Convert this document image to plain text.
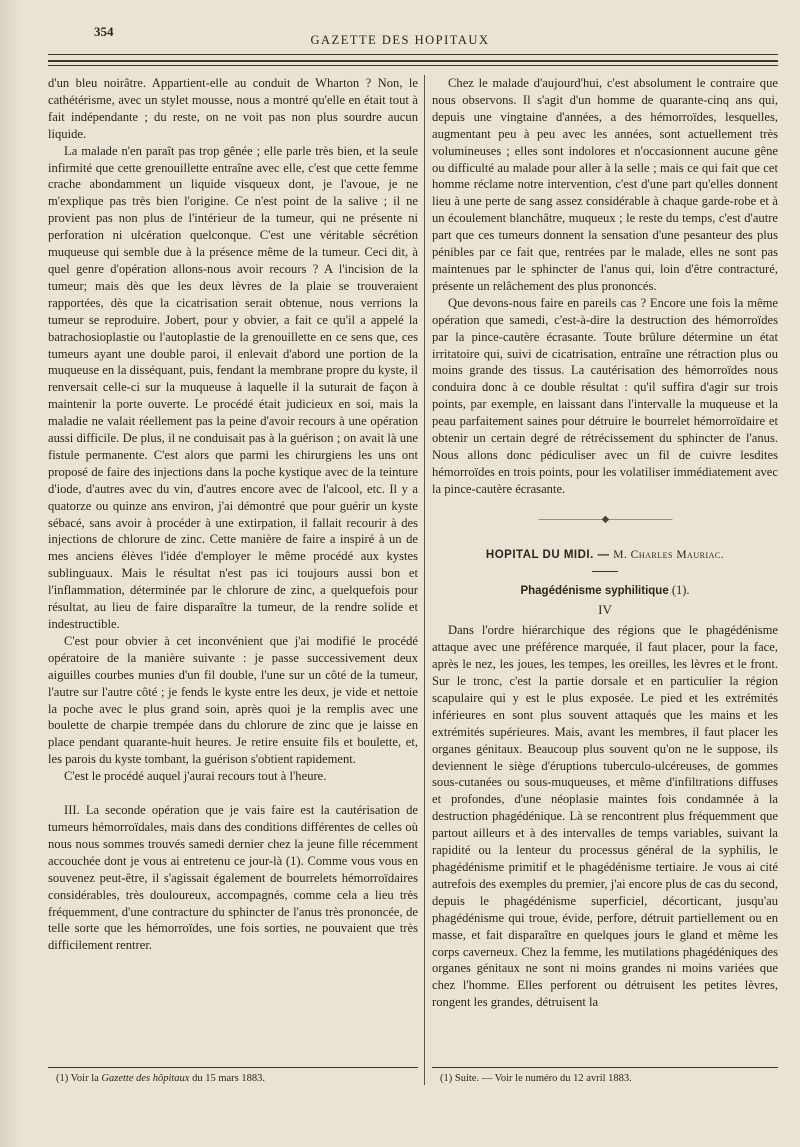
354
GAZETTE DES HOPITAUX

d'un bleu noirâtre. Appartient-elle au conduit de Wharton ? Non, le cathétérisme, avec un stylet mousse, nous a montré qu'elle en était tout à fait indépendante ; du reste, on ne voit pas non plus sourdre aucun liquide.

La malade n'en paraît pas trop gênée ; elle parle très bien, et la seule infirmité que cette grenouillette entraîne avec elle, c'est que cette femme crache abondamment un liquide visqueux dont, je l'avoue, je ne m'explique pas très bien l'origine. Ce n'est point de la salive ; il ne provient pas non plus de l'intérieur de la tumeur, qui ne présente ni perforation ni ulcération quelconque. C'est une véritable sécrétion muqueuse qui semble due à la présence même de la tumeur. Ceci dit, à quel genre d'opération allons-nous avoir recours ? A l'incision de la tumeur; mais dès que les deux lèvres de la plaie se trouveraient rapportées, dès que la cicatrisation serait obtenue, nous verrions la tumeur se reproduire. Jobert, pour y obvier, a fait ce qu'il a appelé la batrachosioplastie ou l'autoplastie de la grenouillette en ce sens que, ces tumeurs ayant une double paroi, il enlevait d'abord une portion de la muqueuse en la disséquant, puis, fendant la membrane propre du kyste, il renversait celle-ci sur la muqueuse à laquelle il la suturait de façon à maintenir la porte ouverte. Le procédé était judicieux en soi, mais la maladie ne valait réellement pas la peine d'avoir recours à une opération aussi difficile. De plus, il ne conduisait pas à la guérison ; on avait là une fistule permanente. C'est alors que parmi les chirurgiens les uns ont proposé de faire des injections dans la poche kystique avec de la teinture d'iode, d'autres avec du vin, d'autres encore avec de l'alcool, etc. Il y a quatorze ou quinze ans environ, j'ai démontré que pour guérir un kyste sébacé, sans avoir à procéder à une extirpation, il fallait recourir à des injections de chlorure de zinc. Cette manière de faire a inspiré à un de mes anciens élèves l'idée d'employer le même procédé aux kystes sublinguaux. Mais le résultat n'est pas ici toujours aussi bon et l'inflammation, déterminée par le chlorure de zinc, a quelquefois pour résultat, au lieu de faire disparaître la tumeur, de la rendre solide et indestructible.

C'est pour obvier à cet inconvénient que j'ai modifié le procédé opératoire de la manière suivante : je passe successivement deux aiguilles courbes munies d'un fil double, l'une sur un côté de la tumeur, l'autre sur l'autre côté ; je fends le kyste entre les deux, je vide et nettoie la poche avec le plus grand soin, après quoi je la remplis avec une boulette de charpie trempée dans du chlorure de zinc que je laisse en place pendant quarante-huit heures. Je retire ensuite fils et boulette, et, les parois du kyste tombant, la guérison s'obtient rapidement.

C'est le procédé auquel j'aurai recours tout à l'heure.

III. La seconde opération que je vais faire est la cautérisation de tumeurs hémorroïdales, mais dans des conditions différentes de celles où nous nous sommes trouvés samedi dernier chez la jeune fille récemment accouchée dont je vous ai entretenu ce jour-là (1). Comme vous vous en souvenez peut-être, il s'agissait également de bourrelets hémorroïdaires considérables, très douloureux, accompagnés, comme cela a lieu très fréquemment, d'une contracture du sphincter de l'anus très prononcée, de telle sorte que les hémorroïdes, une fois sorties, ne pouvaient que très difficilement rentrer.

Chez le malade d'aujourd'hui, c'est absolument le contraire que nous observons. Il s'agit d'un homme de quarante-cinq ans qui, depuis une vingtaine d'années, a des hémorroïdes, lesquelles, augmentant peu à peu avec les années, sont actuellement très volumineuses ; elles sont indolores et n'occasionnent aucune gêne ou difficulté au malade pour aller à la selle ; mais ce qui fait que cet homme réclame notre intervention, c'est d'une part qu'elles donnent lieu à une perte de sang assez considérable à chaque garde-robe et à un écoulement blanchâtre, muqueux ; le reste du temps, c'est d'autre part que ces tumeurs donnent la sensation d'une pesanteur des plus pénibles par ce fait que, rentrées par le malade, elles ne sont pas maintenues par le sphincter de l'anus qui, loin d'être contracturé, présente un relâchement des plus prononcés.

Que devons-nous faire en pareils cas ? Encore une fois la même opération que samedi, c'est-à-dire la destruction des hémorroïdes par la pince-cautère écrasante. Toute brûlure détermine un état irritatoire qui, suivi de cicatrisation, entraîne une rétraction plus ou moins grande des tissus. La cautérisation des hémorroïdes nous conduira donc à ce double résultat : qu'il suffira d'agir sur trois points, par exemple, en laissant dans l'intervalle la muqueuse et la peau parfaitement saines pour détruire le bourrelet hémorroïdaire et obtenir un certain degré de rétrécissement du sphincter de l'anus. Nous allons donc pédiculiser avec un fil de cuivre lesdites hémorroïdes en trois points, pour les volatiliser immédiatement avec la pince-cautère écrasante.

———————◆———————
HOPITAL DU MIDI. — M. Charles Mauriac.
Phagédénisme syphilitique (1).
IV

Dans l'ordre hiérarchique des régions que le phagédénisme attaque avec une préférence marquée, il faut placer, pour la face, après le nez, les joues, les tempes, les oreilles, les lèvres et le front. Sur le tronc, c'est la partie dorsale et en particulier la région scapulaire qui y est le plus exposée. Le pied et les extrémités inférieures en sont plus souvent attaqués que les mains et les extrémités supérieures. Mais, avant les membres, il faut placer les organes génitaux. Beaucoup plus souvent qu'on ne le suppose, ils deviennent le siège d'éruptions tuberculo-ulcéreuses, de gommes sous-cutanées ou sous-muqueuses, et même d'infiltrations diffuses et profondes, d'une néoplasie maintes fois condamnée à la destruction phagédénique. Là se rencontrent plus fréquemment que partout ailleurs et à des intervalles de temps variables, suivant la rapidité ou la lenteur du processus général de la syphilis, le phagédénisme primitif et le phagédénisme tertiaire. Je vous ai cité autrefois des exemples du premier, j'ai encore plus de cas du second, depuis le phagédénisme superficiel, décorticant, jusqu'au phagédénisme qui troue, évide, perfore, détruit partiellement ou en masse, et fait disparaître en quelques jours le gland et même les corps caverneux. Chez la femme, les mutilations phagédéniques des organes génitaux ne sont ni moins grandes ni moins variées que chez l'homme. Elles perforent ou détruisent les petites lèvres, rongent les grandes, détruisent la

(1) Voir la Gazette des hôpitaux du 15 mars 1883.	(1) Suite. — Voir le numéro du 12 avril 1883.
